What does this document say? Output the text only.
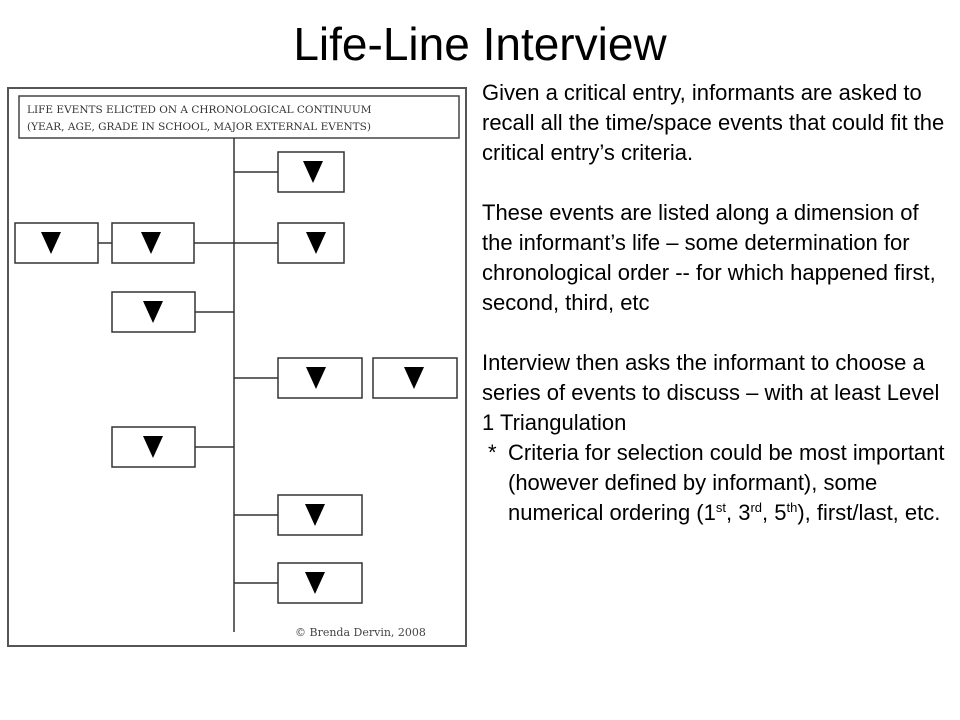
Life-Line Interview
LIFE EVENTS ELICTED ON A CHRONOLOGICAL CONTINUUM
(YEAR, AGE, GRADE IN SCHOOL, MAJOR EXTERNAL EVENTS)
© Brenda Dervin, 2008

Given a critical entry, informants are asked to recall all the time/space events that could fit the critical entry’s criteria.

These events are listed along a dimension of the informant’s life – some determination for chronological order -- for which happened first, second, third, etc

Interview then asks the informant to choose a series of events to discuss – with at least Level 1 Triangulation
* Criteria for selection could be most important (however defined by informant), some numerical ordering (1st, 3rd, 5th), first/last, etc.
